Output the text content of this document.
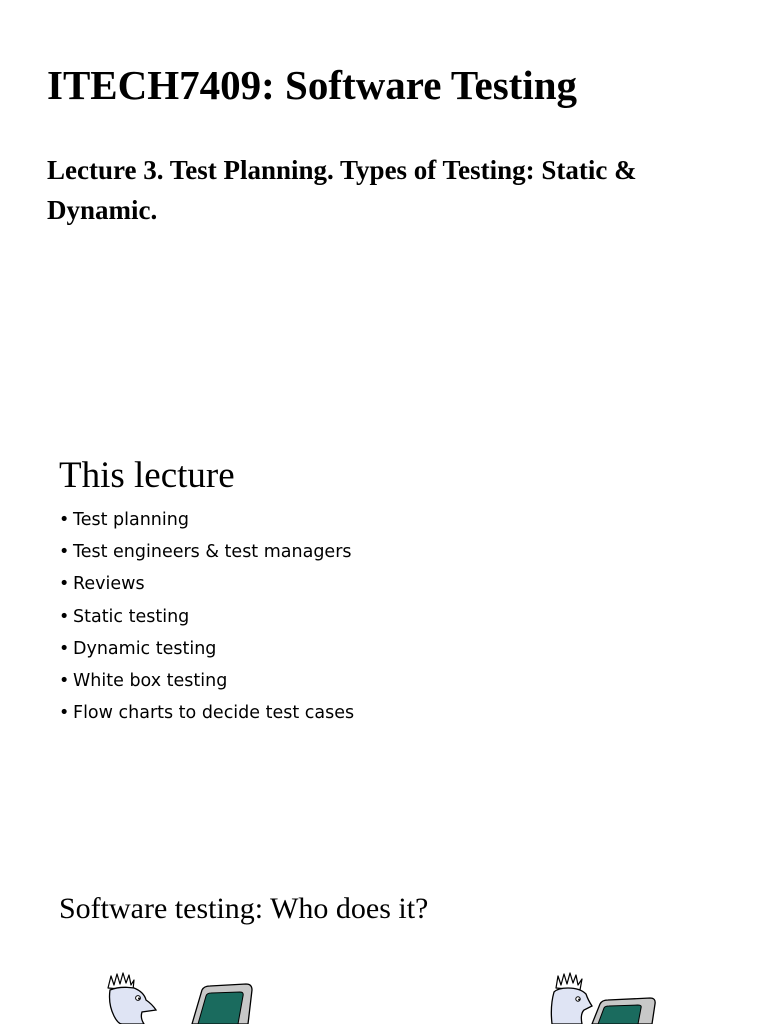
ITECH7409: Software Testing
Lecture 3. Test Planning. Types of Testing: Static & Dynamic.
This lecture
• Test planning
• Test engineers & test managers
• Reviews
• Static testing
• Dynamic testing
• White box testing
• Flow charts to decide test cases
Software testing: Who does it?
